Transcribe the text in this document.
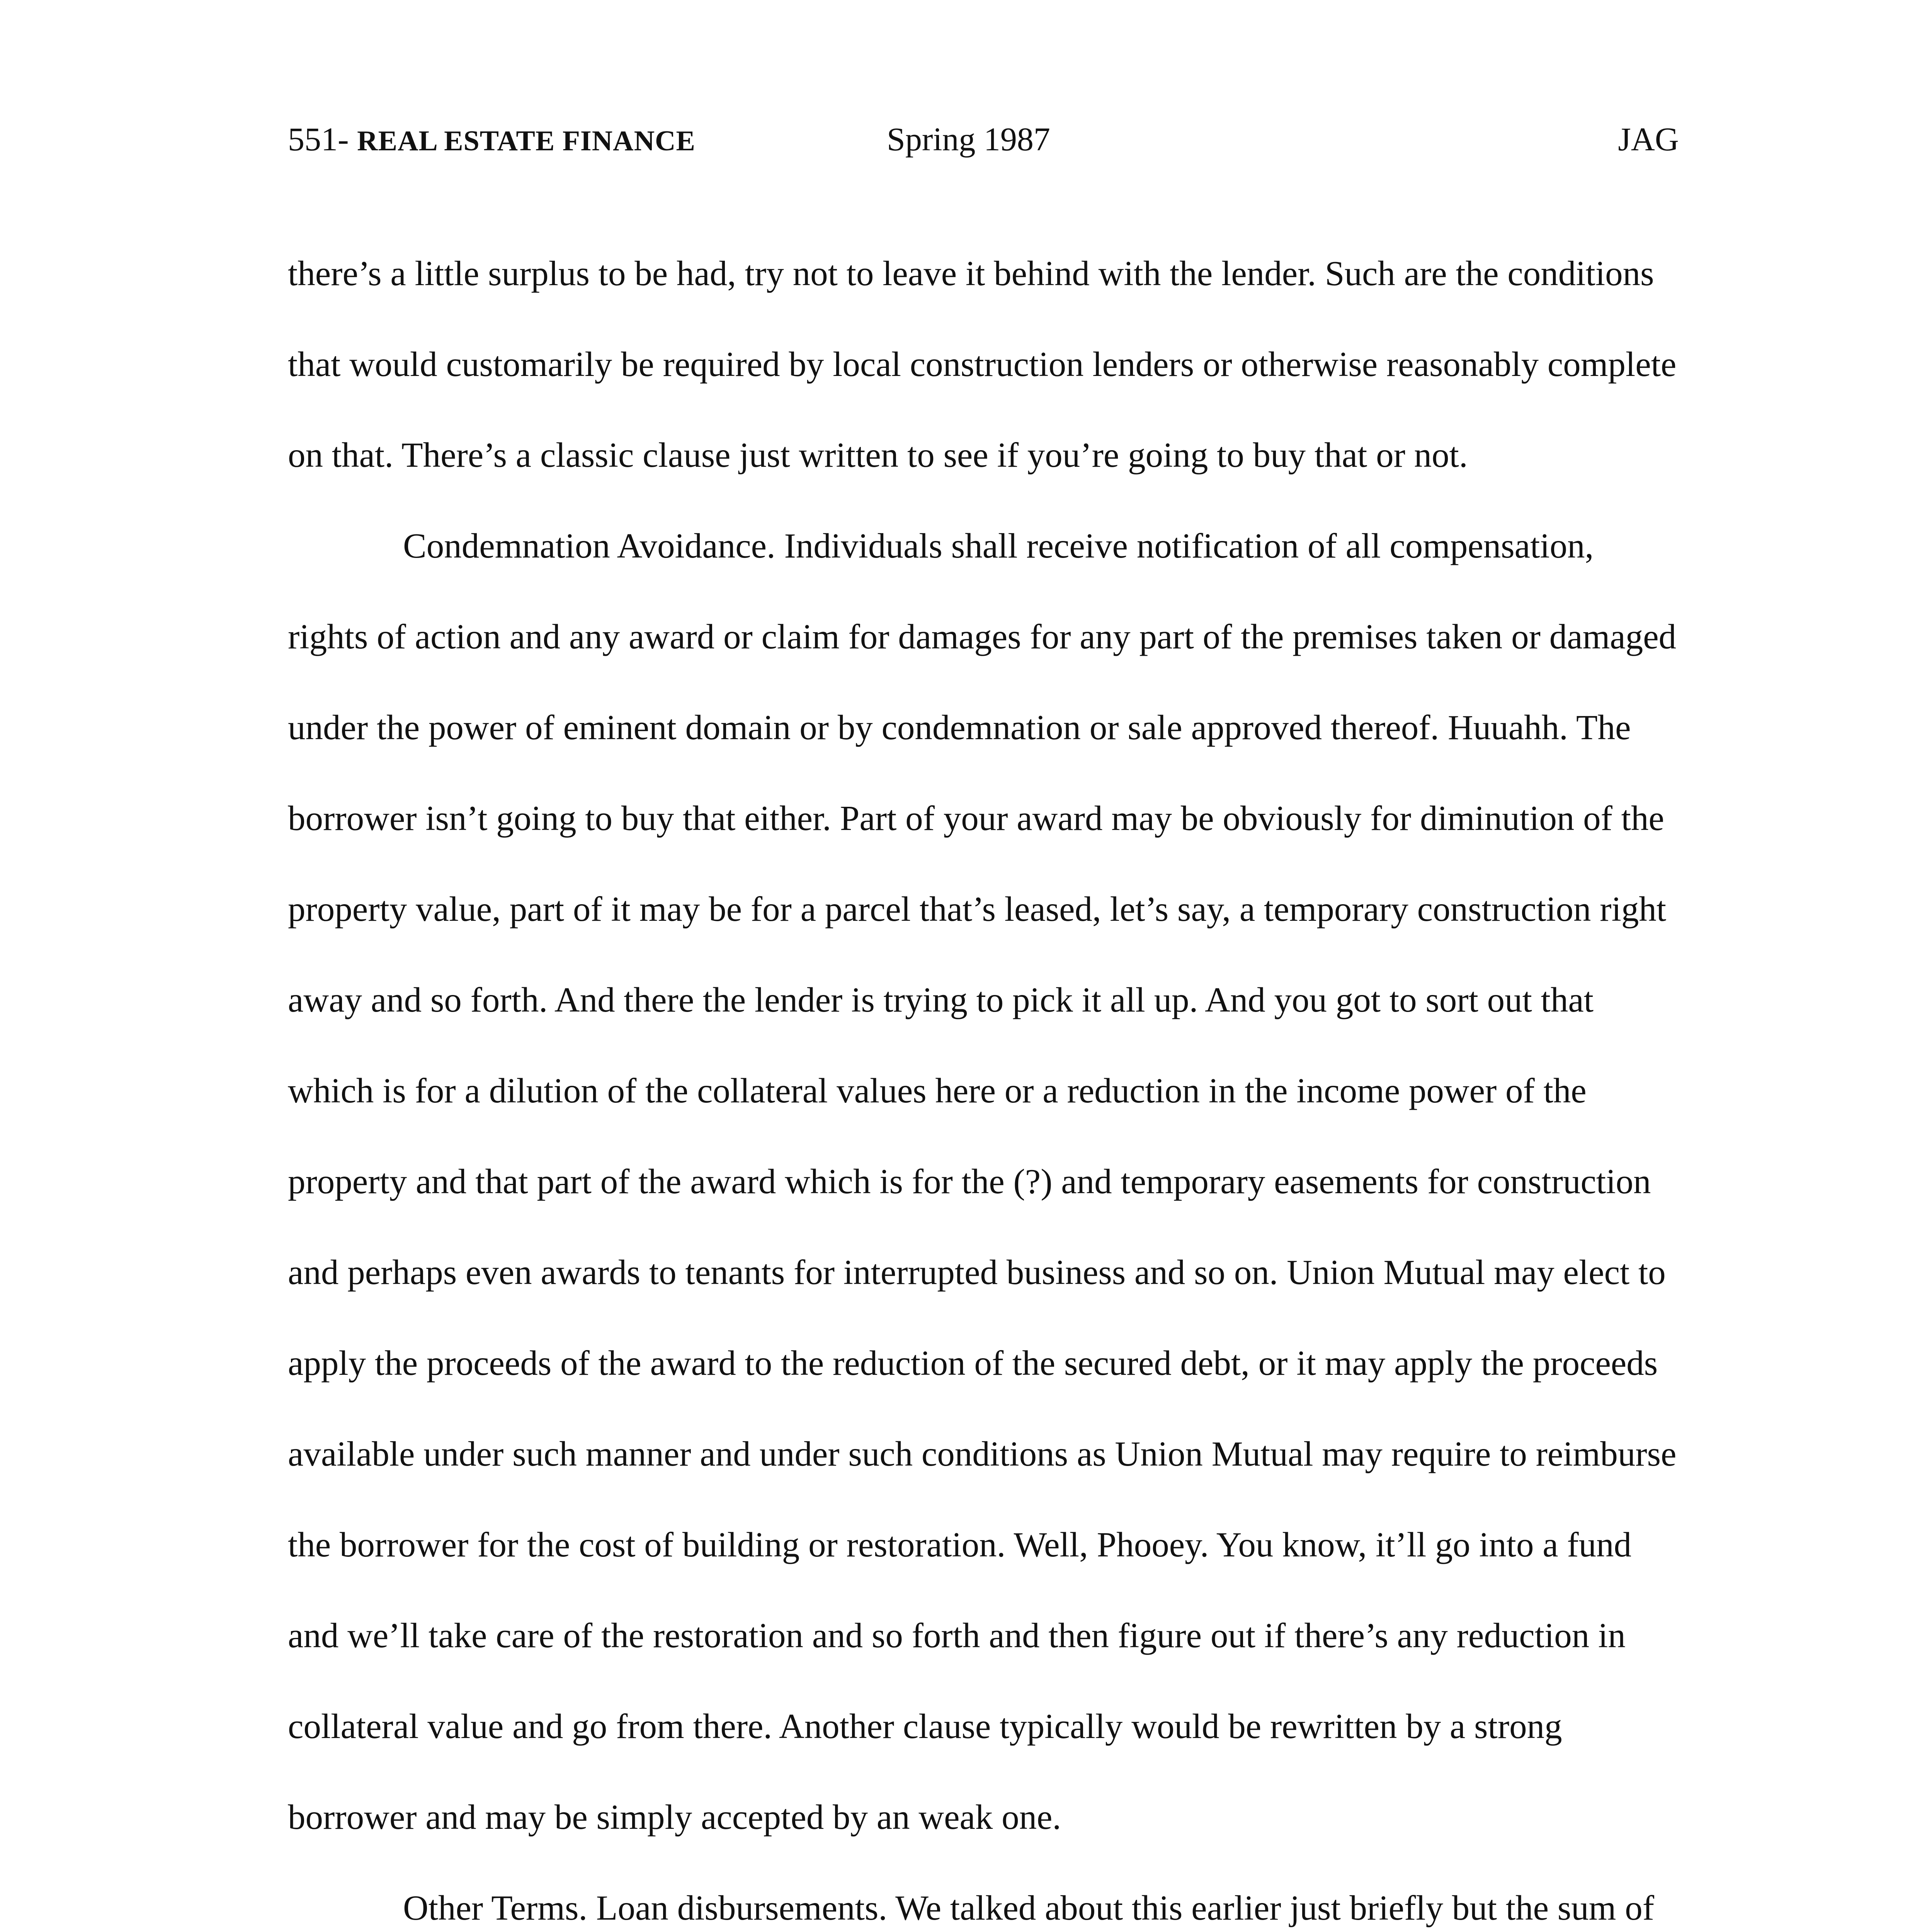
551- REAL ESTATE FINANCE	Spring 1987	JAG

there’s a little surplus to be had, try not to leave it behind with the lender. Such are the conditions that would customarily be required by local construction lenders or otherwise reasonably complete on that. There’s a classic clause just written to see if you’re going to buy that or not.

Condemnation Avoidance. Individuals shall receive notification of all compensation, rights of action and any award or claim for damages for any part of the premises taken or damaged under the power of eminent domain or by condemnation or sale approved thereof. Huuahh. The borrower isn’t going to buy that either. Part of your award may be obviously for diminution of the property value, part of it may be for a parcel that’s leased, let’s say, a temporary construction right away and so forth. And there the lender is trying to pick it all up. And you got to sort out that which is for a dilution of the collateral values here or a reduction in the income power of the property and that part of the award which is for the (?) and temporary easements for construction and perhaps even awards to tenants for interrupted business and so on. Union Mutual may elect to apply the proceeds of the award to the reduction of the secured debt, or it may apply the proceeds available under such manner and under such conditions as Union Mutual may require to reimburse the borrower for the cost of building or restoration. Well, Phooey. You know, it’ll go into a fund and we’ll take care of the restoration and so forth and then figure out if there’s any reduction in collateral value and go from there. Another clause typically would be rewritten by a strong borrower and may be simply accepted by an weak one.

Other Terms. Loan disbursements. We talked about this earlier just briefly but the sum of
